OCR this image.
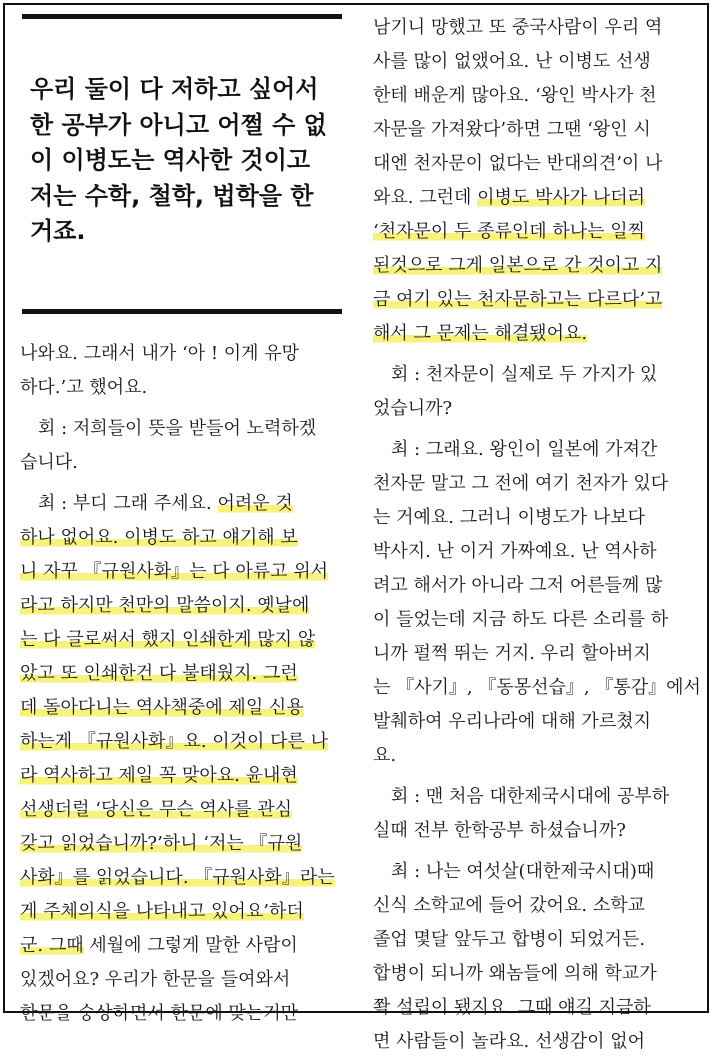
우리 둘이 다 저하고 싶어서
한 공부가 아니고 어쩔 수 없
이 이병도는 역사한 것이고
저는 수학, 철학, 법학을 한
거죠.
나와요. 그래서 내가 ‘아 ! 이게 유망
하다.’고 했어요.
　회 : 저희들이 뜻을 받들어 노력하겠
습니다.
　최 : 부디 그래 주세요. 어려운 것
하나 없어요. 이병도 하고 얘기해 보
니 자꾸 『규원사화』는 다 아류고 위서
라고 하지만 천만의 말씀이지. 옛날에
는 다 글로써서 했지 인쇄한게 많지 않
았고 또 인쇄한건 다 불태웠지. 그런
데 돌아다니는 역사책중에 제일 신용
하는게 『규원사화』요. 이것이 다른 나
라 역사하고 제일 꼭 맞아요. 윤내현
선생더럴 ‘당신은 무슨 역사를 관심
갖고 읽었습니까?’하니 ‘저는 『규원
사화』를 읽었습니다. 『규원사화』라는
게 주체의식을 나타내고 있어요’하더
군. 그때 세월에 그렇게 말한 사람이
있겠어요? 우리가 한문을 들여와서
한문을 숭상하면서 한문에 맞는거만
남기니 망했고 또 중국사람이 우리 역
사를 많이 없앴어요. 난 이병도 선생
한테 배운게 많아요. ‘왕인 박사가 천
자문을 가져왔다’하면 그땐 ‘왕인 시
대엔 천자문이 없다는 반대의견’이 나
와요. 그런데 이병도 박사가 나더러
‘천자문이 두 종류인데 하나는 일찍
된것으로 그게 일본으로 간 것이고 지
금 여기 있는 천자문하고는 다르다’고
해서 그 문제는 해결됐어요.
　회 : 천자문이 실제로 두 가지가 있
었습니까?
　최 : 그래요. 왕인이 일본에 가져간
천자문 말고 그 전에 여기 천자가 있다
는 거예요. 그러니 이병도가 나보다
박사지. 난 이거 가짜예요. 난 역사하
려고 해서가 아니라 그저 어른들께 많
이 들었는데 지금 하도 다른 소리를 하
니까 펄쩍 뛰는 거지. 우리 할아버지
는 『사기』, 『동몽선습』, 『통감』에서
발췌하여 우리나라에 대해 가르쳤지
요.
　회 : 맨 처음 대한제국시대에 공부하
실때 전부 한학공부 하셨습니까?
　최 : 나는 여섯살(대한제국시대)때
신식 소학교에 들어 갔어요. 소학교
졸업 몇달 앞두고 합병이 되었거든.
합병이 되니까 왜놈들에 의해 학교가
쫙 설립이 됐지요. 그때 얘길 지금하
면 사람들이 놀라요. 선생감이 없어
